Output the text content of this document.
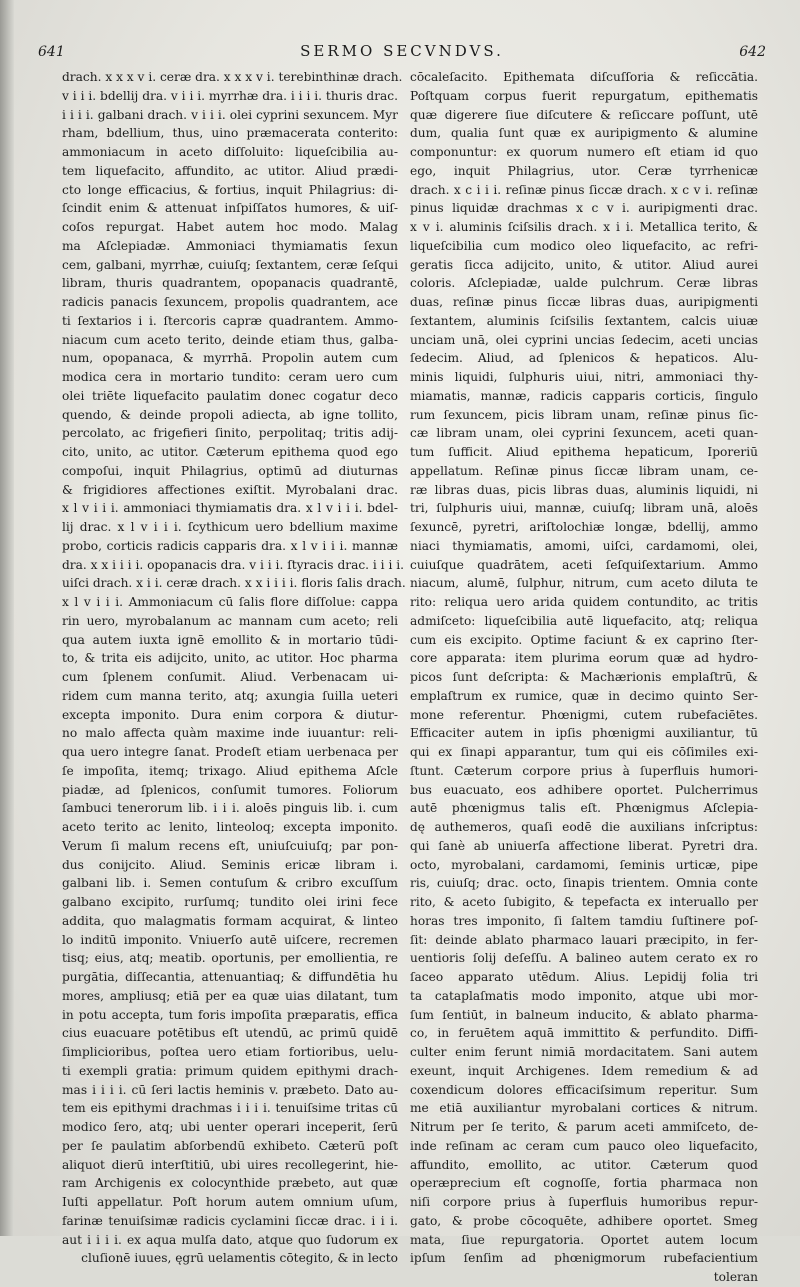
641	SERMO SECVNDVS.	642
drach. x x x v i. ceræ dra. x x x v i. terebinthinæ drach.
v i i i. bdellij dra. v i i i. myrrhæ dra. i i i i. thuris drac.
i i i i. galbani drach. v i i i. olei cyprini sexuncem. Myr
rham, bdellium, thus, uino præmacerata conterito:
ammoniacum in aceto diſſoluito: liqueſcibilia au-
tem liquefacito, affundito, ac utitor. Aliud prædi-
cto longe efficacius, & fortius, inquit Philagrius: di-
ſcindit enim & attenuat inſpiſſatos humores, & uiſ-
coſos repurgat. Habet autem hoc modo. Malag
ma Aſclepiadæ. Ammoniaci thymiamatis ſexun
cem, galbani, myrrhæ, cuiuſq; ſextantem, ceræ ſeſqui
libram, thuris quadrantem, opopanacis quadrantē,
radicis panacis ſexuncem, propolis quadrantem, ace
ti ſextarios i i. ſtercoris capræ quadrantem. Ammo-
niacum cum aceto terito, deinde etiam thus, galba-
num, opopanaca, & myrrhā. Propolin autem cum
modica cera in mortario tundito: ceram uero cum
olei triēte liquefacito paulatim donec cogatur deco
quendo, & deinde propoli adiecta, ab igne tollito,
percolato, ac frigefieri ſinito, perpolitaq; tritis adij-
cito, unito, ac utitor. Cæterum epithema quod ego
compoſui, inquit Philagrius, optimū ad diuturnas
& frigidiores affectiones exiſtit. Myrobalani drac.
x l v i i i. ammoniaci thymiamatis dra. x l v i i i. bdel-
lij drac. x l v i i i. ſcythicum uero bdellium maxime
probo, corticis radicis capparis dra. x l v i i i. mannæ
dra. x x i i i i. opopanacis dra. v i i i. ſtyracis drac. i i i i.
uiſci drach. x i i. ceræ drach. x x i i i i. floris ſalis drach.
x l v i i i. Ammoniacum cū ſalis flore diſſolue: cappa
rin uero, myrobalanum ac mannam cum aceto; reli
qua autem iuxta ignē emollito & in mortario tūdi-
to, & trita eis adijcito, unito, ac utitor. Hoc pharma
cum ſplenem conſumit. Aliud. Verbenacam ui-
ridem cum manna terito, atq; axungia ſuilla ueteri
excepta imponito. Dura enim corpora & diutur-
no malo affecta quàm maxime inde iuuantur: reli-
qua uero integre ſanat. Prodeſt etiam uerbenaca per
ſe impoſita, itemq; trixago. Aliud epithema Aſcle
piadæ, ad ſplenicos, conſumit tumores. Foliorum
ſambuci tenerorum lib. i i i. aloēs pinguis lib. i. cum
aceto terito ac lenito, linteoloq; excepta imponito.
Verum ſi malum recens eſt, uniuſcuiuſq; par pon-
dus conijcito. Aliud. Seminis ericæ libram i.
galbani lib. i. Semen contuſum & cribro excuſſum
galbano excipito, rurſumq; tundito olei irini fece
addita, quo malagmatis formam acquirat, & linteo
lo inditū imponito. Vniuerſo autē uiſcere, recremen
tisq; eius, atq; meatib. oportunis, per emollientia, re
purgātia, diſſecantia, attenuantiaq; & diffundētia hu
mores, ampliusq; etiā per ea quæ uias dilatant, tum
in potu accepta, tum foris impoſita præparatis, effica
cius euacuare potētibus eſt utendū, ac primū quidē
ſimplicioribus, poſtea uero etiam fortioribus, uelu-
ti exempli gratia: primum quidem epithymi drach-
mas i i i i. cū ſeri lactis heminis v. præbeto. Dato au-
tem eis epithymi drachmas i i i i. tenuiſsime tritas cū
modico ſero, atq; ubi uenter operari inceperit, ſerū
per ſe paulatim abſorbendū exhibeto. Cæterū poſt
aliquot dierū interſtitiū, ubi uires recollegerint, hie-
ram Archigenis ex colocynthide præbeto, aut quæ
Iuſti appellatur. Poſt horum autem omnium uſum,
farinæ tenuiſsimæ radicis cyclamini ſiccæ drac. i i i.
aut i i i i. ex aqua mulſa dato, atque quo ſudorum ex
cluſionē iuues, ęgrū uelamentis cōtegito, & in lecto
cōcaleſacito. Epithemata diſcuſſoria & reſiccātia.
Poſtquam corpus fuerit repurgatum, epithematis
quæ digerere ſiue diſcutere & reſiccare poſſunt, utē
dum, qualia ſunt quæ ex auripigmento & alumine
componuntur: ex quorum numero eſt etiam id quo
ego, inquit Philagrius, utor. Ceræ tyrrhenicæ
drach. x c i i i. reſinæ pinus ſiccæ drach. x c v i. reſinæ
pinus liquidæ drachmas x c v i. auripigmenti drac.
x v i. aluminis ſciſsilis drach. x i i. Metallica terito, &
liqueſcibilia cum modico oleo liquefacito, ac refri-
geratis ſicca adijcito, unito, & utitor. Aliud aurei
coloris. Aſclepiadæ, ualde pulchrum. Ceræ libras
duas, reſinæ pinus ſiccæ libras duas, auripigmenti
ſextantem, aluminis ſciſsilis ſextantem, calcis uiuæ
unciam unā, olei cyprini uncias ſedecim, aceti uncias
ſedecim. Aliud, ad ſplenicos & hepaticos. Alu-
minis liquidi, ſulphuris uiui, nitri, ammoniaci thy-
miamatis, mannæ, radicis capparis corticis, ſingulo
rum ſexuncem, picis libram unam, reſinæ pinus ſic-
cæ libram unam, olei cyprini ſexuncem, aceti quan-
tum ſufficit. Aliud epithema hepaticum, Iporeriū
appellatum. Reſinæ pinus ſiccæ libram unam, ce-
ræ libras duas, picis libras duas, aluminis liquidi, ni
tri, ſulphuris uiui, mannæ, cuiuſq; libram unā, aloēs
ſexuncē, pyretri, ariſtolochiæ longæ, bdellij, ammo
niaci thymiamatis, amomi, uiſci, cardamomi, olei,
cuiuſque quadrātem, aceti ſeſquiſextarium. Ammo
niacum, alumē, ſulphur, nitrum, cum aceto diluta te
rito: reliqua uero arida quidem contundito, ac tritis
admiſceto: liqueſcibilia autē liquefacito, atq; reliqua
cum eis excipito. Optime faciunt & ex caprino ſter-
core apparata: item plurima eorum quæ ad hydro-
picos ſunt deſcripta: & Machærionis emplaſtrū, &
emplaſtrum ex rumice, quæ in decimo quinto Ser-
mone referentur. Phœnigmi, cutem rubefaciētes.
Efficaciter autem in ipſis phœnigmi auxiliantur, tū
qui ex ſinapi apparantur, tum qui eis cōſimiles exi-
ſtunt. Cæterum corpore prius à ſuperfluis humori-
bus euacuato, eos adhibere oportet. Pulcherrimus
autē phœnigmus talis eſt. Phœnigmus Aſclepia-
dę authemeros, quaſi eodē die auxilians inſcriptus:
qui ſanè ab uniuerſa affectione liberat. Pyretri dra.
octo, myrobalani, cardamomi, ſeminis urticæ, pipe
ris, cuiuſq; drac. octo, ſinapis trientem. Omnia conte
rito, & aceto ſubigito, & tepefacta ex interuallo per
horas tres imponito, ſi ſaltem tamdiu ſuſtinere poſ-
ſit: deinde ablato pharmaco lauari præcipito, in fer-
uentioris ſolij deſeſſu. A balineo autem cerato ex ro
ſaceo apparato utēdum. Alius. Lepidij folia tri
ta cataplaſmatis modo imponito, atque ubi mor-
ſum ſentiūt, in balneum inducito, & ablato pharma-
co, in feruētem aquā immittito & perfundito. Diffi-
culter enim ferunt nimiā mordacitatem. Sani autem
exeunt, inquit Archigenes. Idem remedium & ad
coxendicum dolores efficaciſsimum reperitur. Sum
me etiā auxiliantur myrobalani cortices & nitrum.
Nitrum per ſe terito, & parum aceti ammiſceto, de-
inde reſinam ac ceram cum pauco oleo liquefacito,
affundito, emollito, ac utitor. Cæterum quod
operæprecium eſt cognoſſe, fortia pharmaca non
niſi corpore prius à ſuperfluis humoribus repur-
gato, & probe cōcoquēte, adhibere oportet. Smeg
mata, ſiue repurgatoria. Oportet autem locum
ipſum ſenſim ad phœnigmorum rubefacientium
toleran
